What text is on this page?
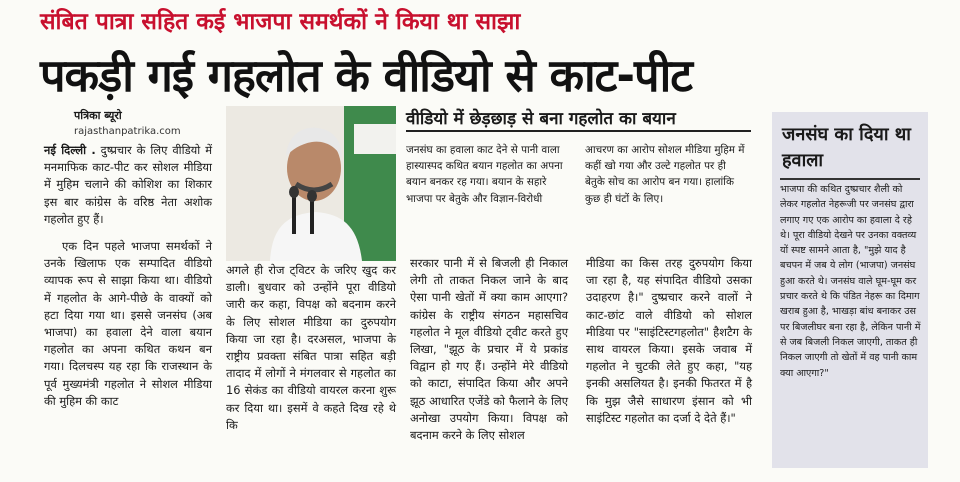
संबित पात्रा सहित कई भाजपा समर्थकों ने किया था साझा
पकड़ी गई गहलोत के वीडियो से काट-पीट
पत्रिका ब्यूरो
rajasthanpatrika.com

नई दिल्ली . दुष्प्रचार के लिए वीडियो में मनमाफिक काट-पीट कर सोशल मीडिया में मुहिम चलाने की कोशिश का शिकार इस बार कांग्रेस के वरिष्ठ नेता अशोक गहलोत हुए हैं।

एक दिन पहले भाजपा समर्थकों ने उनके खिलाफ एक सम्पादित वीडियो व्यापक रूप से साझा किया था। वीडियो में गहलोत के आगे-पीछे के वाक्यों को हटा दिया गया था। इससे जनसंघ (अब भाजपा) का हवाला देने वाला बयान गहलोत का अपना कथित कथन बन गया। दिलचस्प यह रहा कि राजस्थान के पूर्व मुख्यमंत्री गहलोत ने सोशल मीडिया की मुहिम की काट

वीडियो में छेड़छाड़ से बना गहलोत का बयान
जनसंघ का हवाला काट देने से पानी वाला हास्यास्पद कथित बयान गहलोत का अपना बयान बनकर रह गया। बयान के सहारे भाजपा पर बेतुके और विज्ञान-विरोधी
आचरण का आरोप सोशल मीडिया मुहिम में कहीं खो गया और उल्टे गहलोत पर ही बेतुके सोच का आरोप बन गया। हालांकि कुछ ही घंटों के लिए।
अगले ही रोज ट्विटर के जरिए खुद कर डाली। बुधवार को उन्होंने पूरा वीडियो जारी कर कहा, विपक्ष को बदनाम करने के लिए सोशल मीडिया का दुरुपयोग किया जा रहा है। दरअसल, भाजपा के राष्ट्रीय प्रवक्ता संबित पात्रा सहित बड़ी तादाद में लोगों ने मंगलवार से गहलोत का 16 सेकंड का वीडियो वायरल करना शुरू कर दिया था। इसमें वे कहते दिख रहे थे कि
सरकार पानी में से बिजली ही निकाल लेगी तो ताकत निकल जाने के बाद ऐसा पानी खेतों में क्या काम आएगा? कांग्रेस के राष्ट्रीय संगठन महासचिव गहलोत ने मूल वीडियो ट्वीट करते हुए लिखा, "झूठ के प्रचार में ये प्रकांड विद्वान हो गए हैं। उन्होंने मेरे वीडियो को काटा, संपादित किया और अपने झूठ आधारित एजेंडे को फैलाने के लिए अनोखा उपयोग किया। विपक्ष को बदनाम करने के लिए सोशल
मीडिया का किस तरह दुरुपयोग किया जा रहा है, यह संपादित वीडियो उसका उदाहरण है।" दुष्प्रचार करने वालों ने काट-छांट वाले वीडियो को सोशल मीडिया पर "साइंटिस्टगहलोत" हैशटैग के साथ वायरल किया। इसके जवाब में गहलोत ने चुटकी लेते हुए कहा, "यह इनकी असलियत है। इनकी फितरत में है कि मुझ जैसे साधारण इंसान को भी साइंटिस्ट गहलोत का दर्जा दे देते हैं।"
जनसंघ का दिया था हवाला
भाजपा की कथित दुष्प्रचार शैली को लेकर गहलोत नेहरूजी पर जनसंघ द्वारा लगाए गए एक आरोप का हवाला दे रहे थे। पूरा वीडियो देखने पर उनका वक्तव्य यों स्पष्ट सामने आता है, "मुझे याद है बचपन में जब ये लोग (भाजपा) जनसंघ हुआ करते थे। जनसंघ वाले घूम-घूम कर प्रचार करते थे कि पंडित नेहरू का दिमाग खराब हुआ है, भाखड़ा बांध बनाकर उस पर बिजलीघर बना रहा है, लेकिन पानी में से जब बिजली निकल जाएगी, ताकत ही निकल जाएगी तो खेतों में वह पानी काम क्या आएगा?"
